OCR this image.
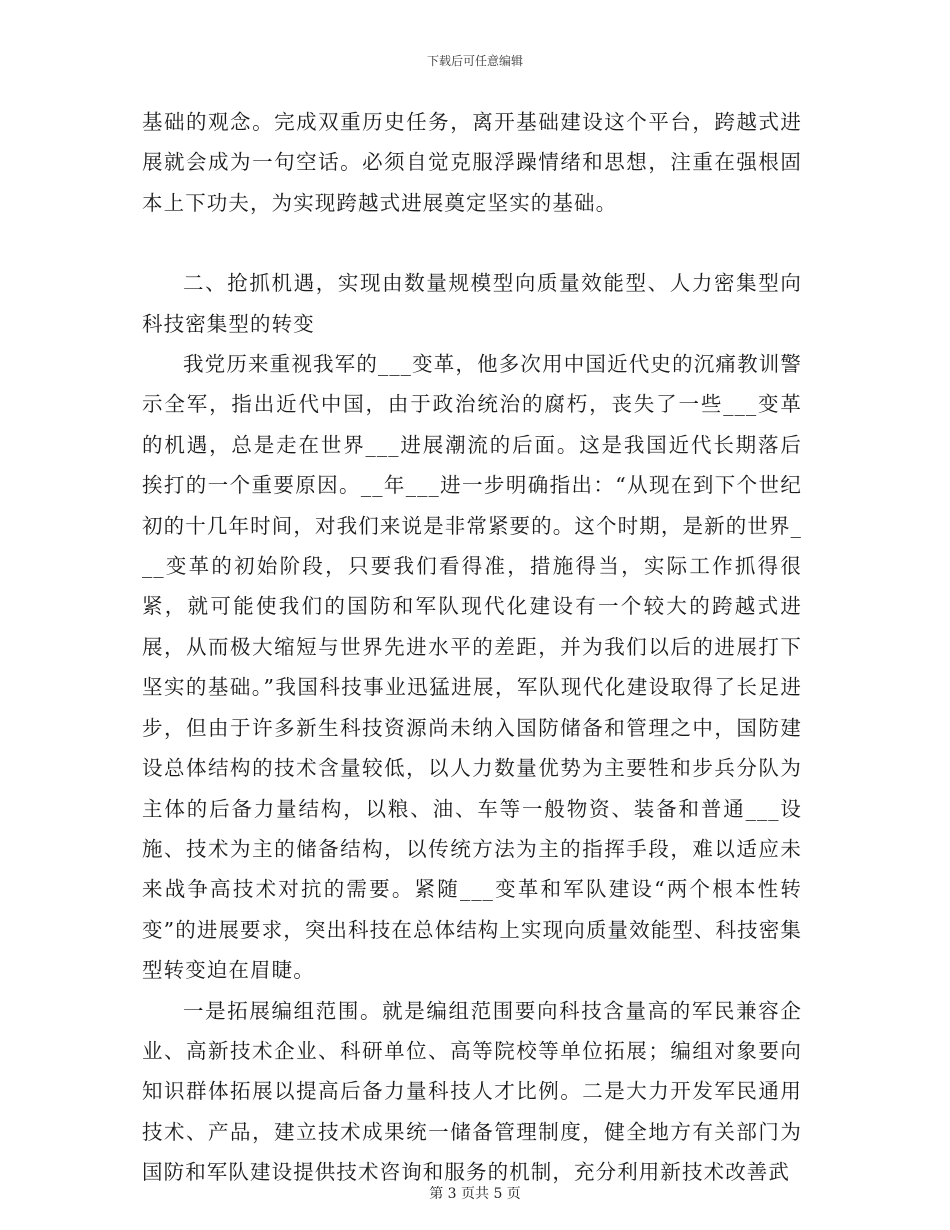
下载后可任意编辑

基础的观念。完成双重历史任务，离开基础建设这个平台，跨越式进展就会成为一句空话。必须自觉克服浮躁情绪和思想，注重在强根固本上下功夫，为实现跨越式进展奠定坚实的基础。

二、抢抓机遇，实现由数量规模型向质量效能型、人力密集型向科技密集型的转变

我党历来重视我军的___变革，他多次用中国近代史的沉痛教训警示全军，指出近代中国，由于政治统治的腐朽，丧失了一些___变革的机遇，总是走在世界___进展潮流的后面。这是我国近代长期落后挨打的一个重要原因。__年___进一步明确指出：“从现在到下个世纪初的十几年时间，对我们来说是非常紧要的。这个时期，是新的世界___变革的初始阶段，只要我们看得准，措施得当，实际工作抓得很紧，就可能使我们的国防和军队现代化建设有一个较大的跨越式进展，从而极大缩短与世界先进水平的差距，并为我们以后的进展打下坚实的基础。”我国科技事业迅猛进展，军队现代化建设取得了长足进步，但由于许多新生科技资源尚未纳入国防储备和管理之中，国防建设总体结构的技术含量较低，以人力数量优势为主要牲和步兵分队为主体的后备力量结构，以粮、油、车等一般物资、装备和普通___设施、技术为主的储备结构，以传统方法为主的指挥手段，难以适应未来战争高技术对抗的需要。紧随___变革和军队建设“两个根本性转变”的进展要求，突出科技在总体结构上实现向质量效能型、科技密集型转变迫在眉睫。

一是拓展编组范围。就是编组范围要向科技含量高的军民兼容企业、高新技术企业、科研单位、高等院校等单位拓展；编组对象要向知识群体拓展以提高后备力量科技人才比例。二是大力开发军民通用技术、产品，建立技术成果统一储备管理制度，健全地方有关部门为国防和军队建设提供技术咨询和服务的机制，充分利用新技术改善武

第 3 页共 5 页
